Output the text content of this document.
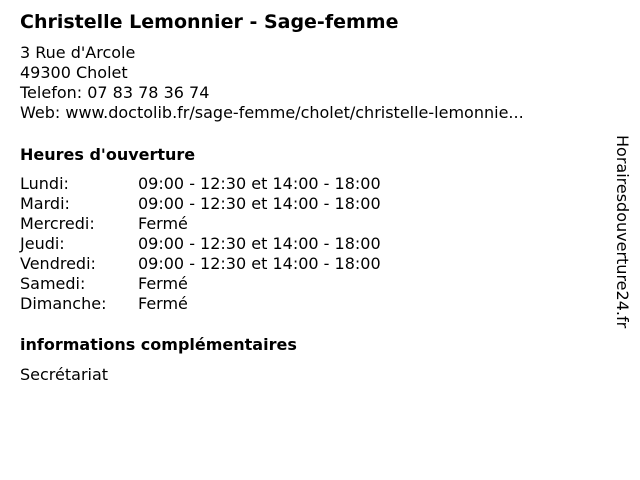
Christelle Lemonnier - Sage-femme
3 Rue d'Arcole
49300 Cholet
Telefon: 07 83 78 36 74
Web: www.doctolib.fr/sage-femme/cholet/christelle-lemonnie...
Heures d'ouverture
Lundi:	09:00 - 12:30 et 14:00 - 18:00
Mardi:	09:00 - 12:30 et 14:00 - 18:00
Mercredi:	Fermé
Jeudi:	09:00 - 12:30 et 14:00 - 18:00
Vendredi:	09:00 - 12:30 et 14:00 - 18:00
Samedi:	Fermé
Dimanche: Fermé
informations complémentaires
Secrétariat
Horairesdouverture24.fr
